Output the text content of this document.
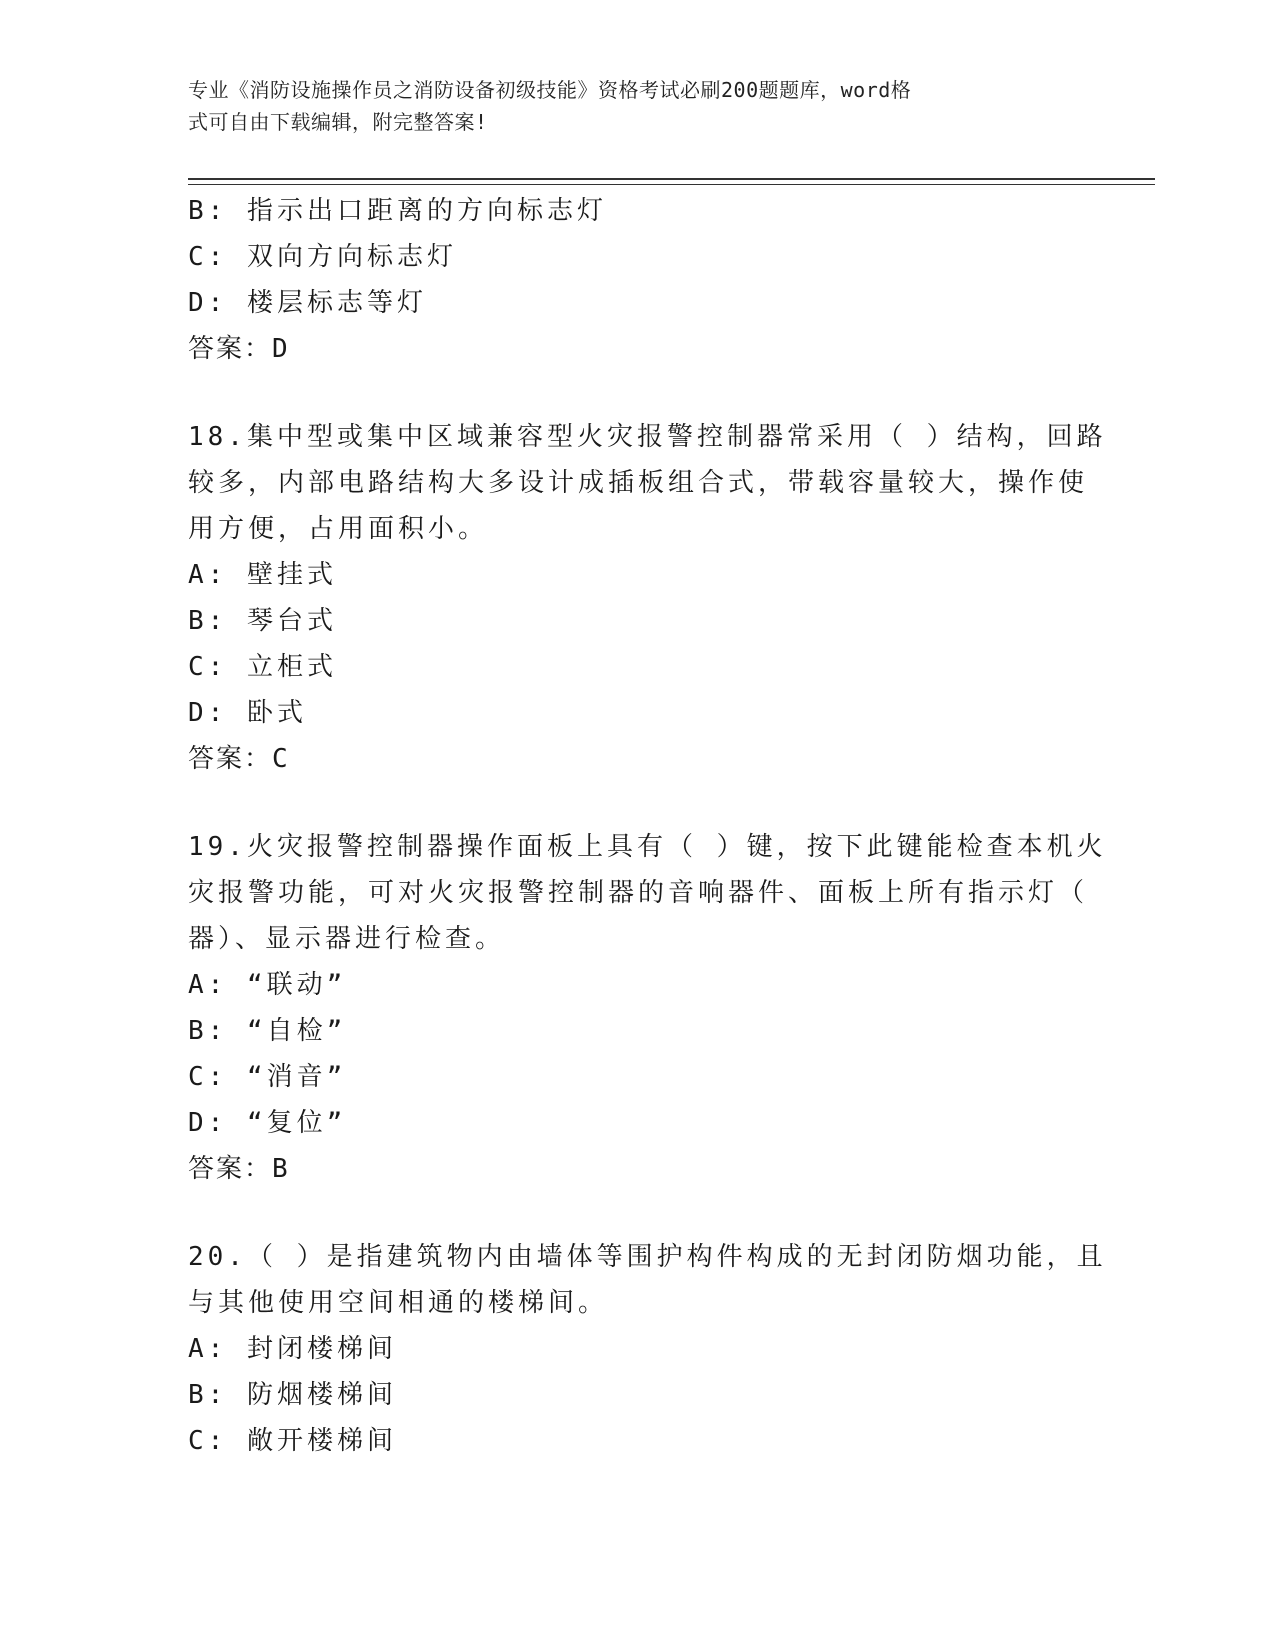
专业《消防设施操作员之消防设备初级技能》资格考试必刷200题题库，word格
式可自由下载编辑，附完整答案!
B: 指示出口距离的方向标志灯
C: 双向方向标志灯
D: 楼层标志等灯
答案：D
18.集中型或集中区域兼容型火灾报警控制器常采用（ ）结构，回路
较多，内部电路结构大多设计成插板组合式，带载容量较大，操作使
用方便，占用面积小。
A: 壁挂式
B: 琴台式
C: 立柜式
D: 卧式
答案：C
19.火灾报警控制器操作面板上具有（ ）键，按下此键能检查本机火
灾报警功能，可对火灾报警控制器的音响器件、面板上所有指示灯（
器）、显示器进行检查。
A: “联动”
B: “自检”
C: “消音”
D: “复位”
答案：B
20.（ ）是指建筑物内由墙体等围护构件构成的无封闭防烟功能，且
与其他使用空间相通的楼梯间。
A: 封闭楼梯间
B: 防烟楼梯间
C: 敞开楼梯间
